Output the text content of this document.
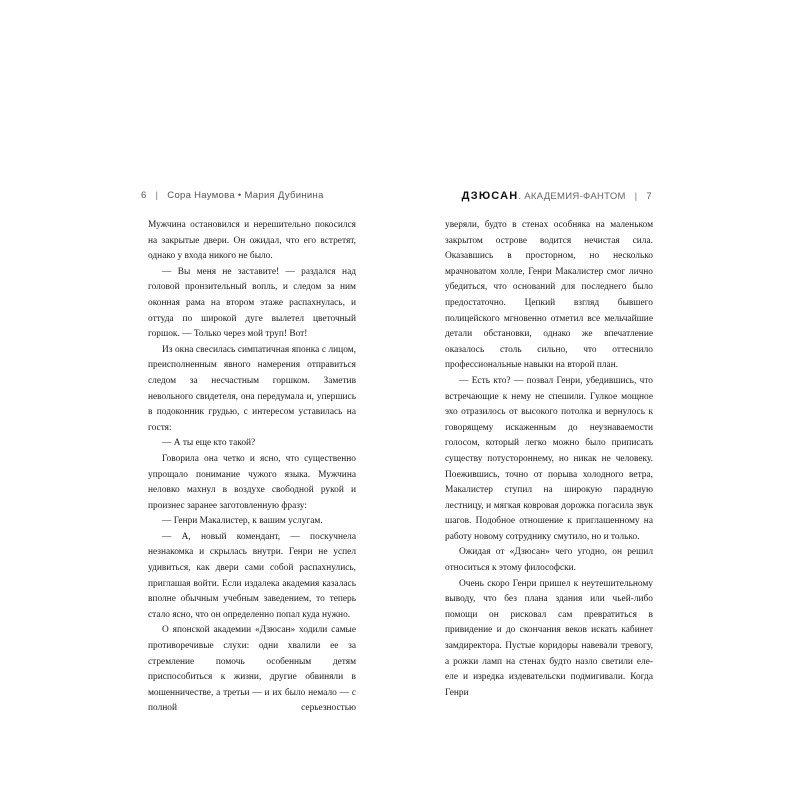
6 | Сора Наумова • Мария Дубинина	ДЗЮСАН. АКАДЕМИЯ-ФАНТОМ | 7

Мужчина остановился и нерешительно покосился на закрытые двери. Он ожидал, что его встретят, однако у входа никого не было.

— Вы меня не заставите! — раздался над головой пронзительный вопль, и следом за ним оконная рама на втором этаже распахнулась, и оттуда по широкой дуге вылетел цветочный горшок. — Только через мой труп! Вот!

Из окна свесилась симпатичная японка с лицом, преисполненным явного намерения отправиться следом за несчастным горшком. Заметив невольного свидетеля, она передумала и, упершись в подоконник грудью, с интересом уставилась на гостя:

— А ты еще кто такой?

Говорила она четко и ясно, что существенно упрощало понимание чужого языка. Мужчина неловко махнул в воздухе свободной рукой и произнес заранее заготовленную фразу:

— Генри Макалистер, к вашим услугам.

— А, новый комендант, — поскучнела незнакомка и скрылась внутри. Генри не успел удивиться, как двери сами собой распахнулись, приглашая войти. Если издалека академия казалась вполне обычным учебным заведением, то теперь стало ясно, что он определенно попал куда нужно.

О японской академии «Дзюсан» ходили самые противоречивые слухи: одни хвалили ее за стремление помочь особенным детям приспособиться к жизни, другие обвиняли в мошенничестве, а третьи — и их было немало — с полной серьезностью

уверяли, будто в стенах особняка на маленьком закрытом острове водится нечистая сила. Оказавшись в просторном, но несколько мрачноватом холле, Генри Макалистер смог лично убедиться, что оснований для последнего было предостаточно. Цепкий взгляд бывшего полицейского мгновенно отметил все мельчайшие детали обстановки, однако же впечатление оказалось столь сильно, что оттеснило профессиональные навыки на второй план.

— Есть кто? — позвал Генри, убедившись, что встречающие к нему не спешили. Гулкое мощное эхо отразилось от высокого потолка и вернулось к говорящему искаженным до неузнаваемости голосом, который легко можно было приписать существу потустороннему, но никак не человеку. Поежившись, точно от порыва холодного ветра, Макалистер ступил на широкую парадную лестницу, и мягкая ковровая дорожка погасила звук шагов. Подобное отношение к приглашенному на работу новому сотруднику смутило, но и только.

Ожидая от «Дзюсан» чего угодно, он решил относиться к этому философски.

Очень скоро Генри пришел к неутешительному выводу, что без плана здания или чьей-либо помощи он рисковал сам превратиться в привидение и до скончания веков искать кабинет замдиректора. Пустые коридоры навевали тревогу, а рожки ламп на стенах будто назло светили еле-еле и изредка издевательски подмигивали. Когда Генри
